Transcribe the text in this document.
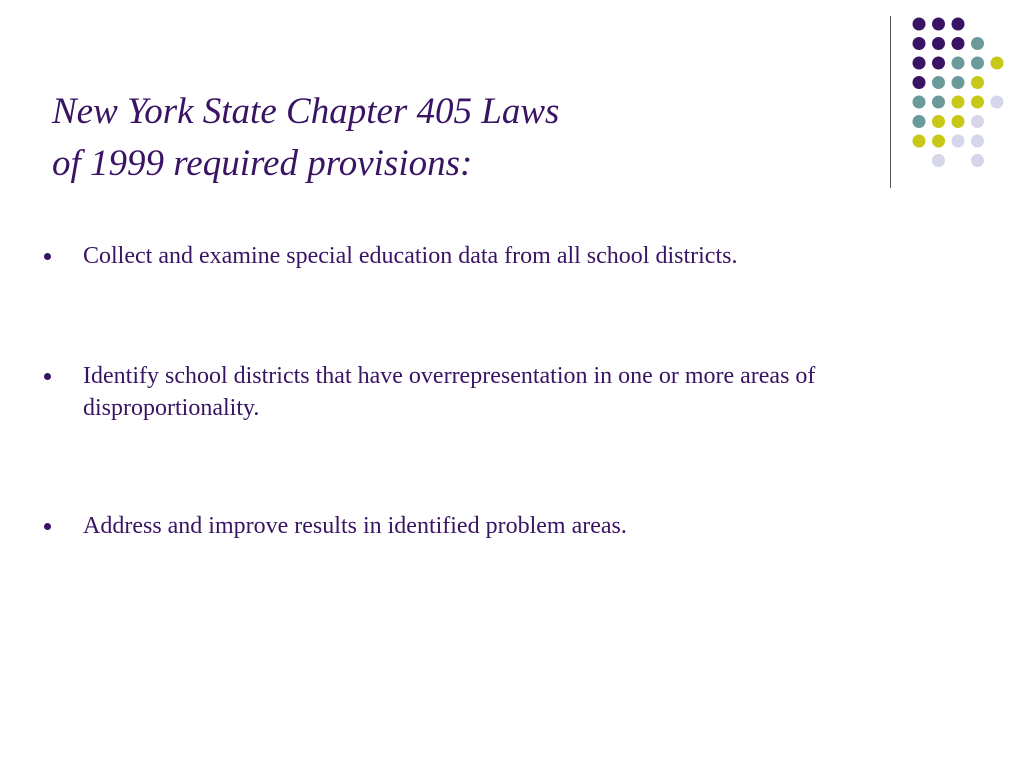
New York State Chapter 405 Laws
of 1999 required provisions:
Collect and examine special education data from all school districts.
Identify school districts that have overrepresentation in one or more areas of disproportionality.
Address and improve results in identified problem areas.
